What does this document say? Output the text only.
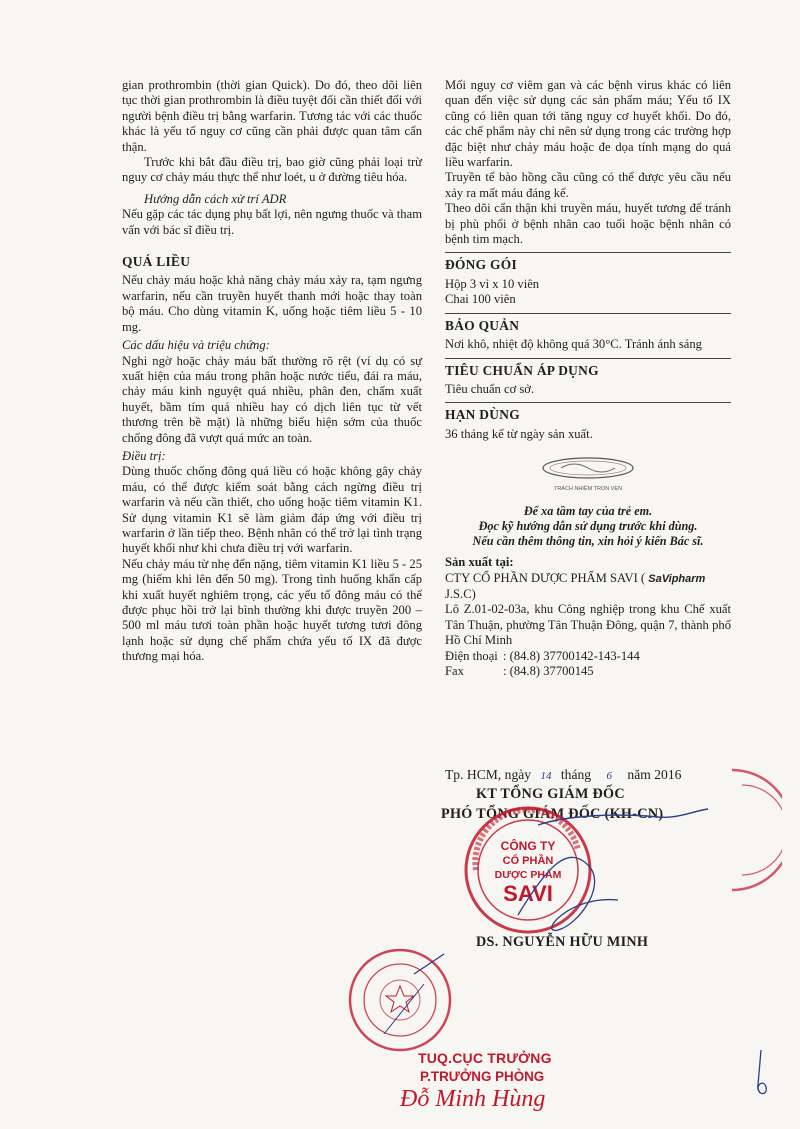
gian prothrombin (thời gian Quick). Do đó, theo dõi liên tục thời gian prothrombin là điều tuyệt đối cần thiết đối với người bệnh điều trị bằng warfarin. Tương tác với các thuốc khác là yếu tố nguy cơ cũng cần phải được quan tâm cẩn thận.

Trước khi bắt đầu điều trị, bao giờ cũng phải loại trừ nguy cơ chảy máu thực thể như loét, u ở đường tiêu hóa.

Hướng dẫn cách xử trí ADR

Nếu gặp các tác dụng phụ bất lợi, nên ngưng thuốc và tham vấn với bác sĩ điều trị.

QUÁ LIỀU

Nếu chảy máu hoặc khả năng chảy máu xảy ra, tạm ngưng warfarin, nếu cần truyền huyết thanh mới hoặc thay toàn bộ máu. Cho dùng vitamin K, uống hoặc tiêm liều 5 - 10 mg.

Các dấu hiệu và triệu chứng:

Nghi ngờ hoặc chảy máu bất thường rõ rệt (ví dụ có sự xuất hiện của máu trong phân hoặc nước tiểu, đái ra máu, chảy máu kinh nguyệt quá nhiều, phân đen, chấm xuất huyết, bầm tím quá nhiều hay có dịch liên tục từ vết thương trên bề mặt) là những biểu hiện sớm của thuốc chống đông đã vượt quá mức an toàn.

Điều trị:

Dùng thuốc chống đông quá liều có hoặc không gây chảy máu, có thể được kiểm soát bằng cách ngừng điều trị warfarin và nếu cần thiết, cho uống hoặc tiêm vitamin K1. Sử dụng vitamin K1 sẽ làm giảm đáp ứng với điều trị warfarin ở lần tiếp theo. Bệnh nhân có thể trở lại tình trạng huyết khối như khi chưa điều trị với warfarin.

Nếu chảy máu từ nhẹ đến nặng, tiêm vitamin K1 liều 5 - 25 mg (hiếm khi lên đến 50 mg). Trong tình huống khẩn cấp khi xuất huyết nghiêm trọng, các yếu tố đông máu có thể được phục hồi trở lại bình thường khi được truyền 200 – 500 ml máu tươi toàn phần hoặc huyết tương tươi đông lạnh hoặc sử dụng chế phẩm chứa yếu tố IX đã được thương mại hóa.

Mối nguy cơ viêm gan và các bệnh virus khác có liên quan đến việc sử dụng các sản phẩm máu; Yếu tố IX cũng có liên quan tới tăng nguy cơ huyết khối. Do đó, các chế phẩm này chỉ nên sử dụng trong các trường hợp đặc biệt như chảy máu hoặc đe dọa tính mạng do quá liều warfarin.

Truyền tế bào hồng cầu cũng có thể được yêu cầu nếu xảy ra mất máu đáng kể.

Theo dõi cẩn thận khi truyền máu, huyết tương để tránh bị phù phổi ở bệnh nhân cao tuổi hoặc bệnh nhân có bệnh tim mạch.

ĐÓNG GÓI

Hộp 3 vỉ x 10 viên

Chai 100 viên

BẢO QUẢN

Nơi khô, nhiệt độ không quá 30°C. Tránh ánh sáng

TIÊU CHUẨN ÁP DỤNG

Tiêu chuẩn cơ sở.

HẠN DÙNG

36 tháng kể từ ngày sản xuất.

TRÁCH NHIỆM TRỌN VẸN
Để xa tầm tay của trẻ em.
Đọc kỹ hướng dẫn sử dụng trước khi dùng.
Nếu cần thêm thông tin, xin hỏi ý kiến Bác sĩ.

Sản xuất tại:

CTY CỔ PHẦN DƯỢC PHẨM SAVI ( SaVipharm

J.S.C)

Lô Z.01-02-03a, khu Công nghiệp trong khu Chế xuất Tân Thuận, phường Tân Thuận Đông, quận 7, thành phố Hồ Chí Minh

Điện thoại : (84.8) 37700142-143-144
Fax	: (84.8) 37700145
Tp. HCM, ngày 14 tháng 6 năm 2016
KT TỔNG GIÁM ĐỐC
PHÓ TỔNG GIÁM ĐỐC (KH-CN)
CÔNG TY
CỔ PHẦN
DƯỢC PHẨM
SAVI
DS. NGUYỄN HỮU MINH
TUQ.CỤC TRƯỞNG
P.TRƯỞNG PHÒNG
Đỗ Minh Hùng
